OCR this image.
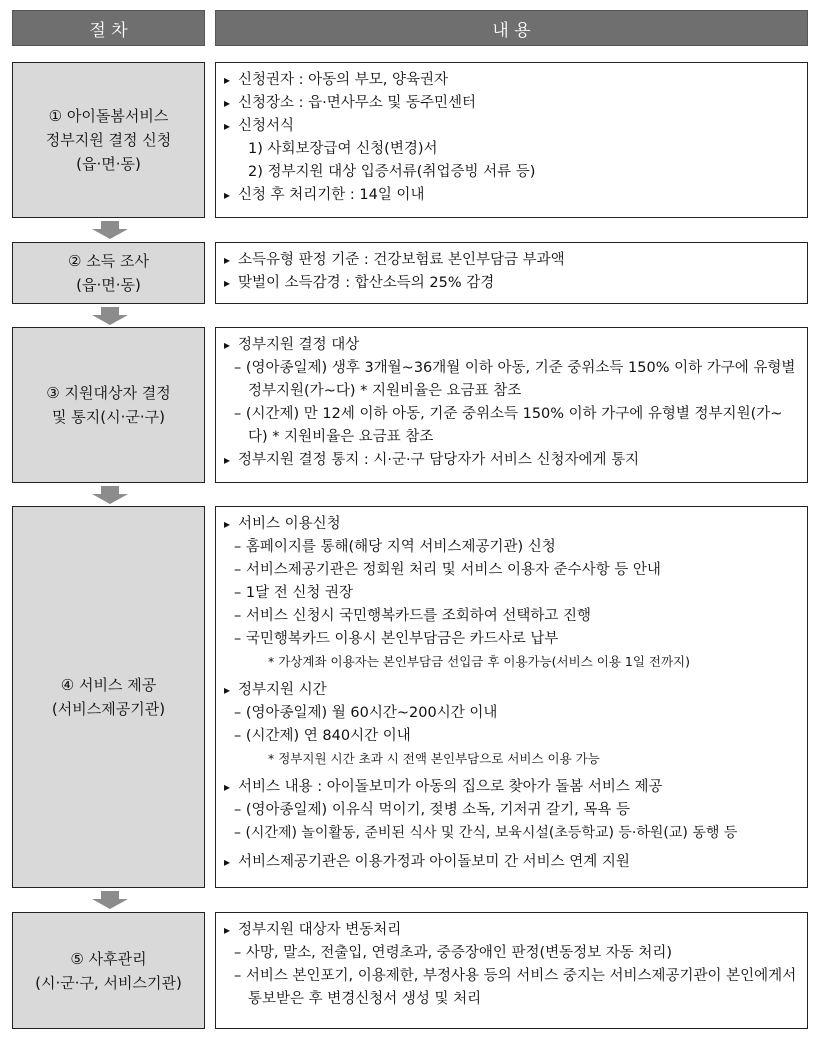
절 차	내 용
① 아이돌봄서비스
정부지원 결정 신청
(읍·면·동)
▸ 신청권자 : 아동의 부모, 양육권자
▸ 신청장소 : 읍·면사무소 및 동주민센터
▸ 신청서식
1) 사회보장급여 신청(변경)서
2) 정부지원 대상 입증서류(취업증빙 서류 등)
▸ 신청 후 처리기한 : 14일 이내
② 소득 조사
(읍·면·동)
▸ 소득유형 판정 기준 : 건강보험료 본인부담금 부과액
▸ 맞벌이 소득감경 : 합산소득의 25% 감경
③ 지원대상자 결정
및 통지(시·군·구)
▸ 정부지원 결정 대상
– (영아종일제) 생후 3개월~36개월 이하 아동, 기준 중위소득 150% 이하 가구에 유형별 정부지원(가~다) * 지원비율은 요금표 참조
– (시간제) 만 12세 이하 아동, 기준 중위소득 150% 이하 가구에 유형별 정부지원(가~다) * 지원비율은 요금표 참조
▸ 정부지원 결정 통지 : 시·군·구 담당자가 서비스 신청자에게 통지
④ 서비스 제공
(서비스제공기관)
▸ 서비스 이용신청
– 홈페이지를 통해(해당 지역 서비스제공기관) 신청
– 서비스제공기관은 정회원 처리 및 서비스 이용자 준수사항 등 안내
– 1달 전 신청 권장
– 서비스 신청시 국민행복카드를 조회하여 선택하고 진행
– 국민행복카드 이용시 본인부담금은 카드사로 납부
* 가상계좌 이용자는 본인부담금 선입금 후 이용가능(서비스 이용 1일 전까지)
▸ 정부지원 시간
– (영아종일제) 월 60시간~200시간 이내
– (시간제) 연 840시간 이내
* 정부지원 시간 초과 시 전액 본인부담으로 서비스 이용 가능
▸ 서비스 내용 : 아이돌보미가 아동의 집으로 찾아가 돌봄 서비스 제공
– (영아종일제) 이유식 먹이기, 젖병 소독, 기저귀 갈기, 목욕 등
– (시간제) 놀이활동, 준비된 식사 및 간식, 보육시설(초등학교) 등·하원(교) 동행 등
▸ 서비스제공기관은 이용가정과 아이돌보미 간 서비스 연계 지원
⑤ 사후관리
(시·군·구, 서비스기관)
▸ 정부지원 대상자 변동처리
– 사망, 말소, 전출입, 연령초과, 중증장애인 판정(변동정보 자동 처리)
– 서비스 본인포기, 이용제한, 부정사용 등의 서비스 중지는 서비스제공기관이 본인에게서 통보받은 후 변경신청서 생성 및 처리
